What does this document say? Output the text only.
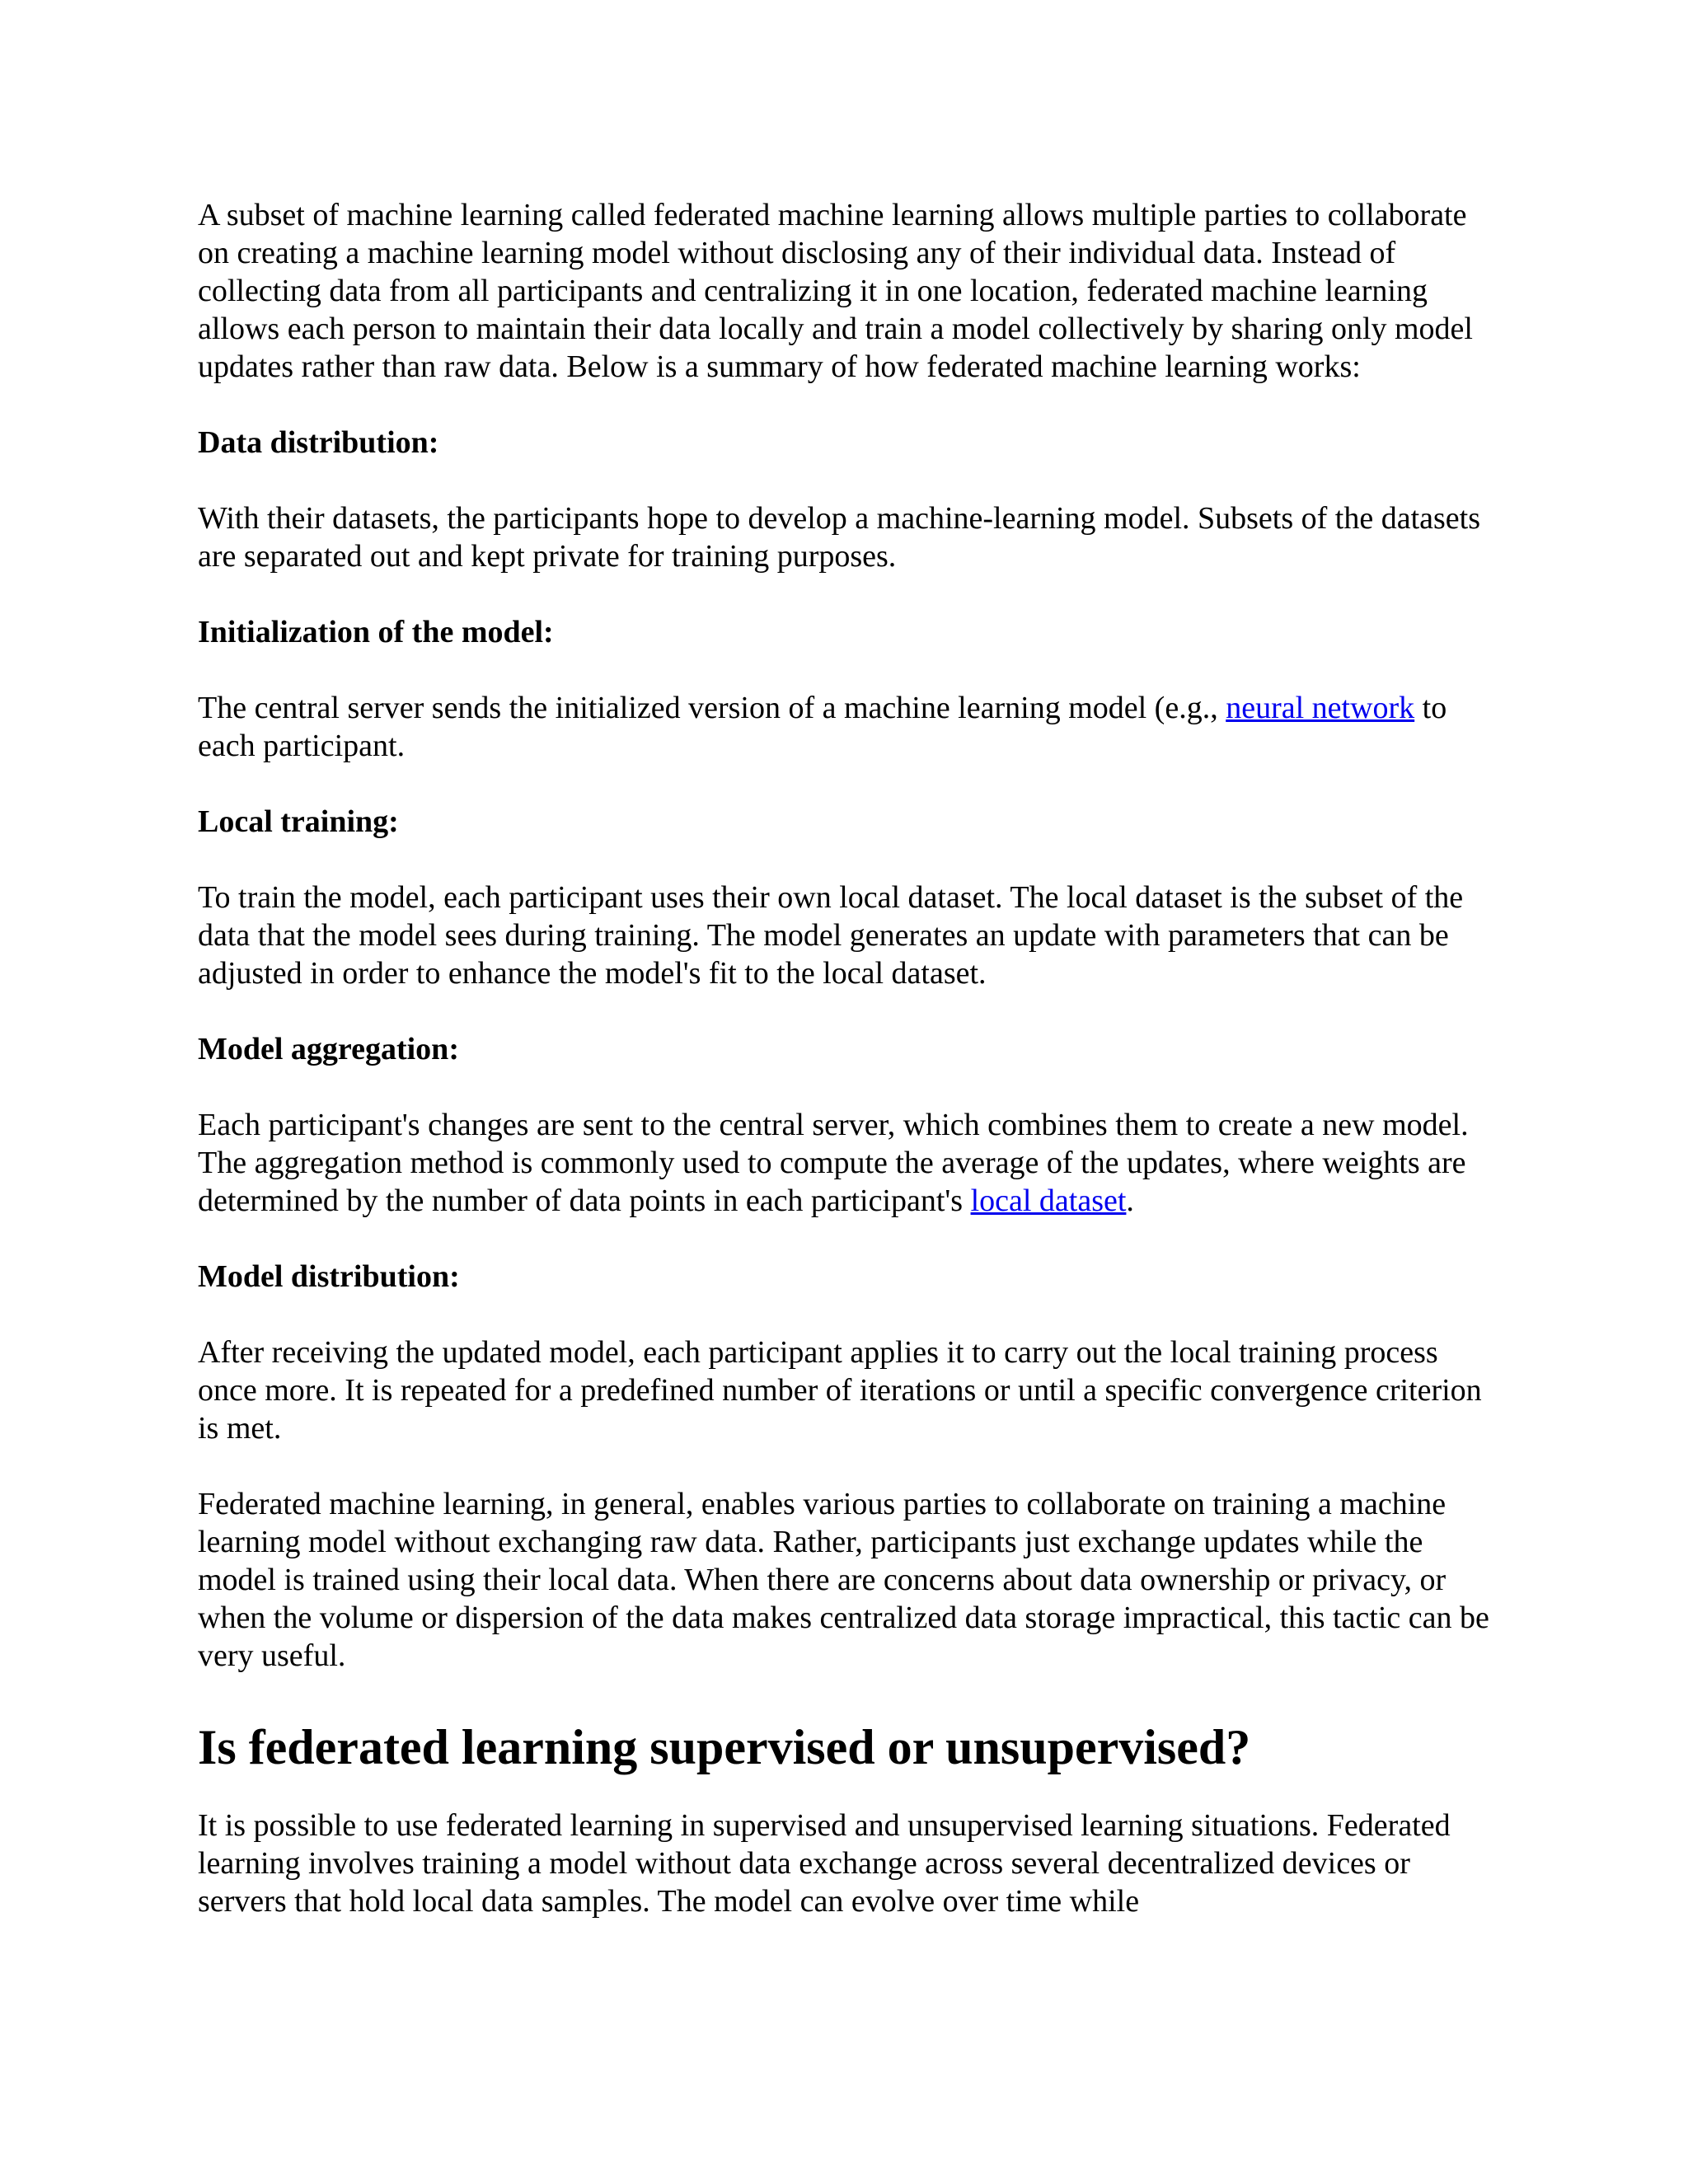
A subset of machine learning called federated machine learning allows multiple parties to collaborate on creating a machine learning model without disclosing any of their individual data. Instead of collecting data from all participants and centralizing it in one location, federated machine learning allows each person to maintain their data locally and train a model collectively by sharing only model updates rather than raw data. Below is a summary of how federated machine learning works:

Data distribution:

With their datasets, the participants hope to develop a machine-learning model. Subsets of the datasets are separated out and kept private for training purposes.

Initialization of the model:

The central server sends the initialized version of a machine learning model (e.g., neural network to each participant.

Local training:

To train the model, each participant uses their own local dataset. The local dataset is the subset of the data that the model sees during training. The model generates an update with parameters that can be adjusted in order to enhance the model's fit to the local dataset.

Model aggregation:

Each participant's changes are sent to the central server, which combines them to create a new model. The aggregation method is commonly used to compute the average of the updates, where weights are determined by the number of data points in each participant's local dataset.

Model distribution:

After receiving the updated model, each participant applies it to carry out the local training process once more. It is repeated for a predefined number of iterations or until a specific convergence criterion is met.

Federated machine learning, in general, enables various parties to collaborate on training a machine learning model without exchanging raw data. Rather, participants just exchange updates while the model is trained using their local data. When there are concerns about data ownership or privacy, or when the volume or dispersion of the data makes centralized data storage impractical, this tactic can be very useful.

Is federated learning supervised or unsupervised?

It is possible to use federated learning in supervised and unsupervised learning situations. Federated learning involves training a model without data exchange across several decentralized devices or servers that hold local data samples. The model can evolve over time while
